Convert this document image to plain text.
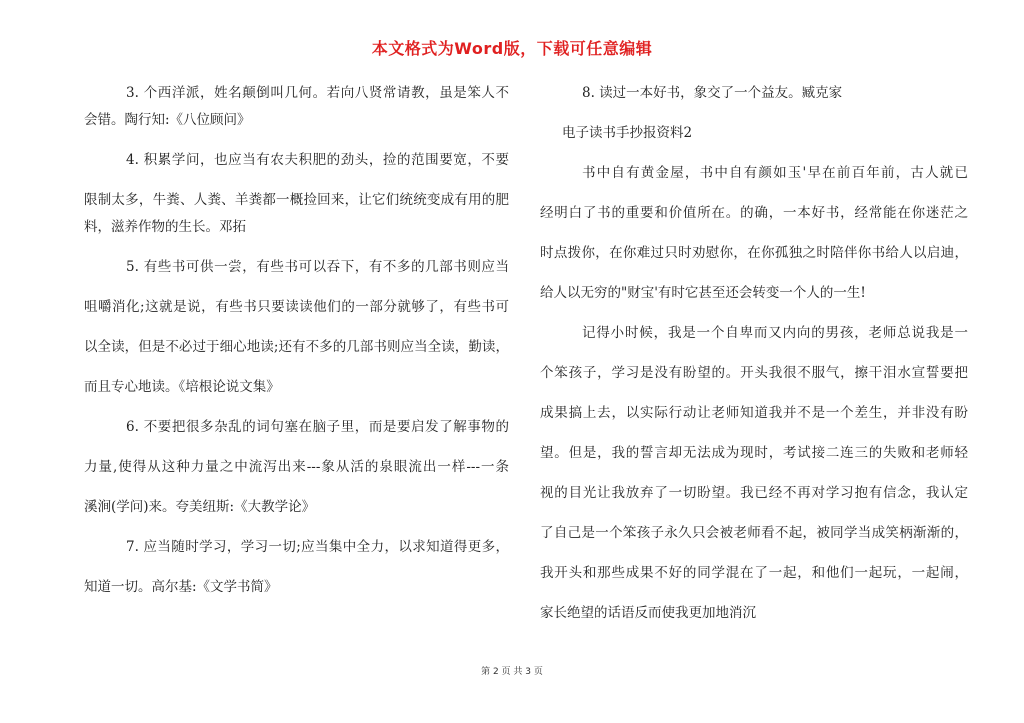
本文格式为Word版，下载可任意编辑
3. 个西洋派，姓名颠倒叫几何。若向八贤常请教，虽是笨人不
会错。陶行知:《八位顾问》
4. 积累学问，也应当有农夫积肥的劲头，捡的范围要宽，不要
限制太多，牛粪、人粪、羊粪都一概捡回来，让它们统统变成有用的肥
料，滋养作物的生长。邓拓
5. 有些书可供一尝，有些书可以吞下，有不多的几部书则应当
咀嚼消化;这就是说，有些书只要读读他们的一部分就够了，有些书可
以全读，但是不必过于细心地读;还有不多的几部书则应当全读，勤读，
而且专心地读。《培根论说文集》
6. 不要把很多杂乱的词句塞在脑子里，而是要启发了解事物的
力量,使得从这种力量之中流泻出来---象从活的泉眼流出一样---一条
溪涧(学问)来。夸美纽斯:《大教学论》
7. 应当随时学习，学习一切;应当集中全力，以求知道得更多，
知道一切。高尔基:《文学书简》
8. 读过一本好书，象交了一个益友。臧克家
电子读书手抄报资料2
书中自有黄金屋，书中自有颜如玉'早在前百年前，古人就已
经明白了书的重要和价值所在。的确，一本好书，经常能在你迷茫之
时点拨你，在你难过只时劝慰你，在你孤独之时陪伴你书给人以启迪，
给人以无穷的"财宝'有时它甚至还会转变一个人的一生!
记得小时候，我是一个自卑而又内向的男孩，老师总说我是一
个笨孩子，学习是没有盼望的。开头我很不服气，擦干泪水宣誓要把
成果搞上去，以实际行动让老师知道我并不是一个差生，并非没有盼
望。但是，我的誓言却无法成为现时，考试接二连三的失败和老师轻
视的目光让我放弃了一切盼望。我已经不再对学习抱有信念，我认定
了自己是一个笨孩子永久只会被老师看不起，被同学当成笑柄渐渐的，
我开头和那些成果不好的同学混在了一起，和他们一起玩，一起闹，
家长绝望的话语反而使我更加地消沉
第 2 页 共 3 页
